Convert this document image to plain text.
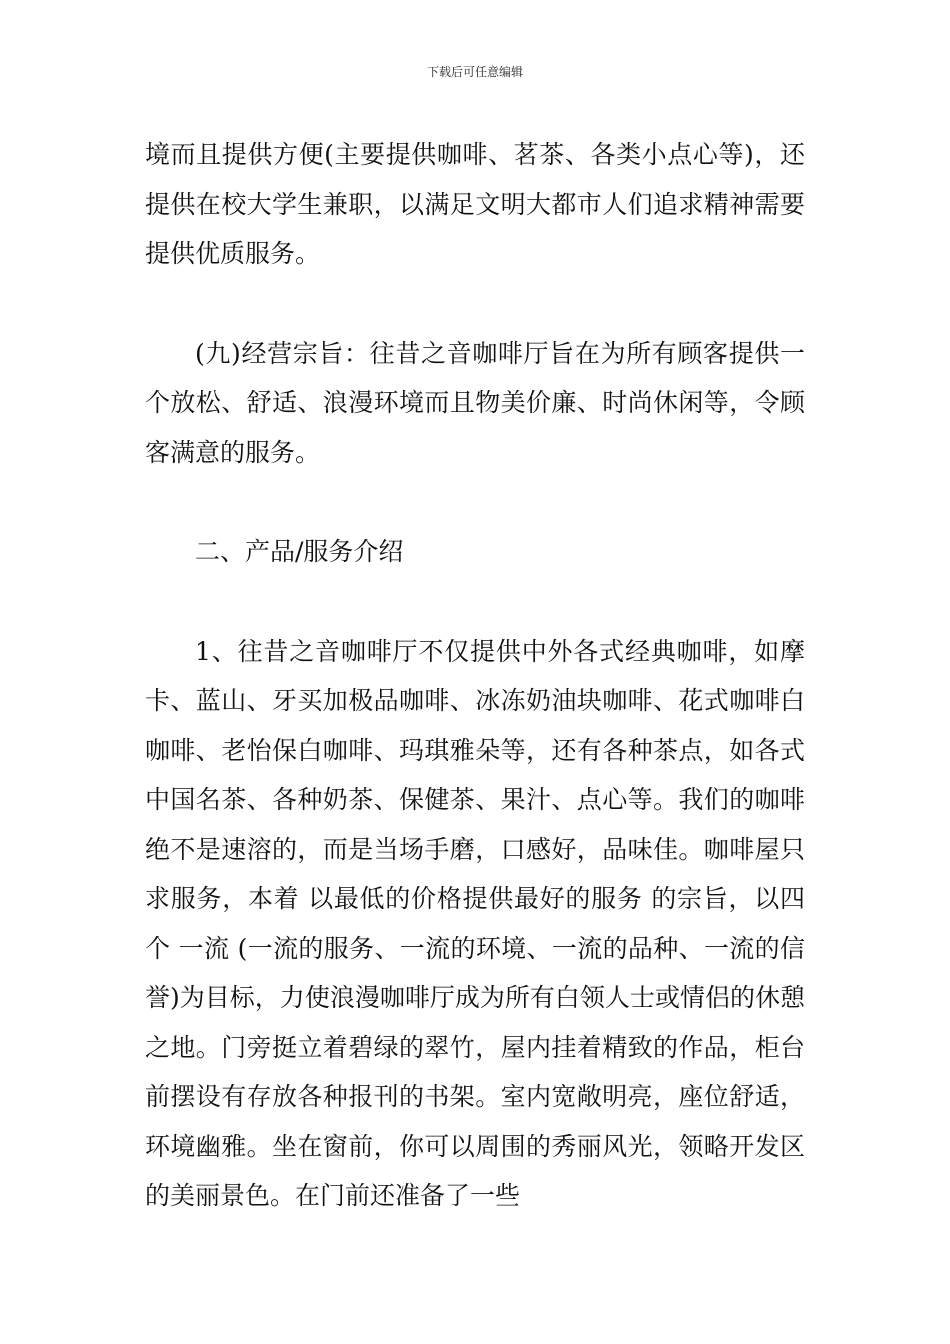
下载后可任意编辑

境而且提供方便(主要提供咖啡、茗茶、各类小点心等)，还提供在校大学生兼职，以满足文明大都市人们追求精神需要提供优质服务。

(九)经营宗旨：往昔之音咖啡厅旨在为所有顾客提供一个放松、舒适、浪漫环境而且物美价廉、时尚休闲等，令顾客满意的服务。

二、产品/服务介绍

1、往昔之音咖啡厅不仅提供中外各式经典咖啡，如摩卡、蓝山、牙买加极品咖啡、冰冻奶油块咖啡、花式咖啡白咖啡、老怡保白咖啡、玛琪雅朵等，还有各种茶点，如各式中国名茶、各种奶茶、保健茶、果汁、点心等。我们的咖啡绝不是速溶的，而是当场手磨，口感好，品味佳。咖啡屋只求服务，本着 以最低的价格提供最好的服务 的宗旨，以四个 一流 (一流的服务、一流的环境、一流的品种、一流的信誉)为目标，力使浪漫咖啡厅成为所有白领人士或情侣的休憩之地。门旁挺立着碧绿的翠竹，屋内挂着精致的作品，柜台前摆设有存放各种报刊的书架。室内宽敞明亮，座位舒适，环境幽雅。坐在窗前，你可以周围的秀丽风光，领略开发区的美丽景色。在门前还准备了一些
